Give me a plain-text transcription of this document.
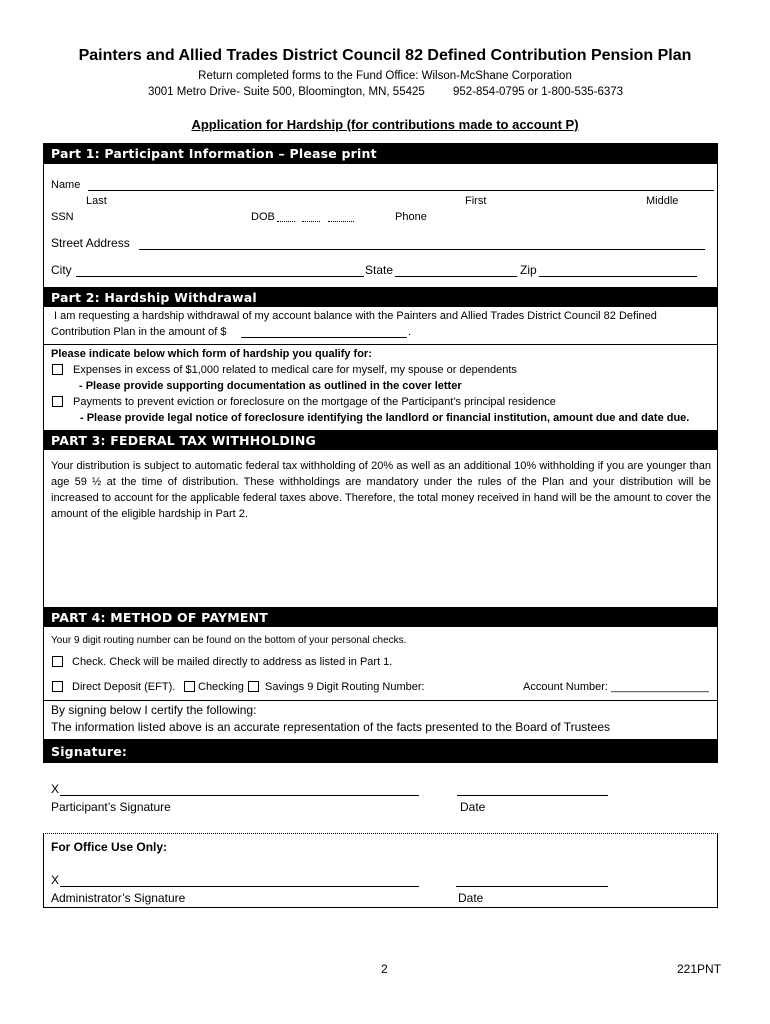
Painters and Allied Trades District Council 82 Defined Contribution Pension Plan
Return completed forms to the Fund Office: Wilson-McShane Corporation
3001 Metro Drive- Suite 500, Bloomington, MN, 55425 952-854-0795 or 1-800-535-6373
Application for Hardship (for contributions made to account P)
Part 1: Participant Information – Please print
Name
Last	First	Middle
SSN	DOB	Phone
Street Address
City	State	Zip
Part 2: Hardship Withdrawal
I am requesting a hardship withdrawal of my account balance with the Painters and Allied Trades District Council 82 Defined
Contribution Plan in the amount of $	.
Please indicate below which form of hardship you qualify for:
Expenses in excess of $1,000 related to medical care for myself, my spouse or dependents
- Please provide supporting documentation as outlined in the cover letter
Payments to prevent eviction or foreclosure on the mortgage of the Participant’s principal residence
- Please provide legal notice of foreclosure identifying the landlord or financial institution, amount due and date due.
PART 3: FEDERAL TAX WITHHOLDING
Your distribution is subject to automatic federal tax withholding of 20% as well as an additional 10% withholding if you are younger than age 59 ½ at the time of distribution. These withholdings are mandatory under the rules of the Plan and your distribution will be increased to account for the applicable federal taxes above. Therefore, the total money received in hand will be the amount to cover the amount of the eligible hardship in Part 2.
PART 4: METHOD OF PAYMENT
Your 9 digit routing number can be found on the bottom of your personal checks.
Check. Check will be mailed directly to address as listed in Part 1.
Direct Deposit (EFT). Checking Savings 9 Digit Routing Number:	Account Number: ________________
By signing below I certify the following:
The information listed above is an accurate representation of the facts presented to the Board of Trustees
Signature:
X
Participant’s Signature	Date
For Office Use Only:
X
Administrator’s Signature	Date
2	221PNT
